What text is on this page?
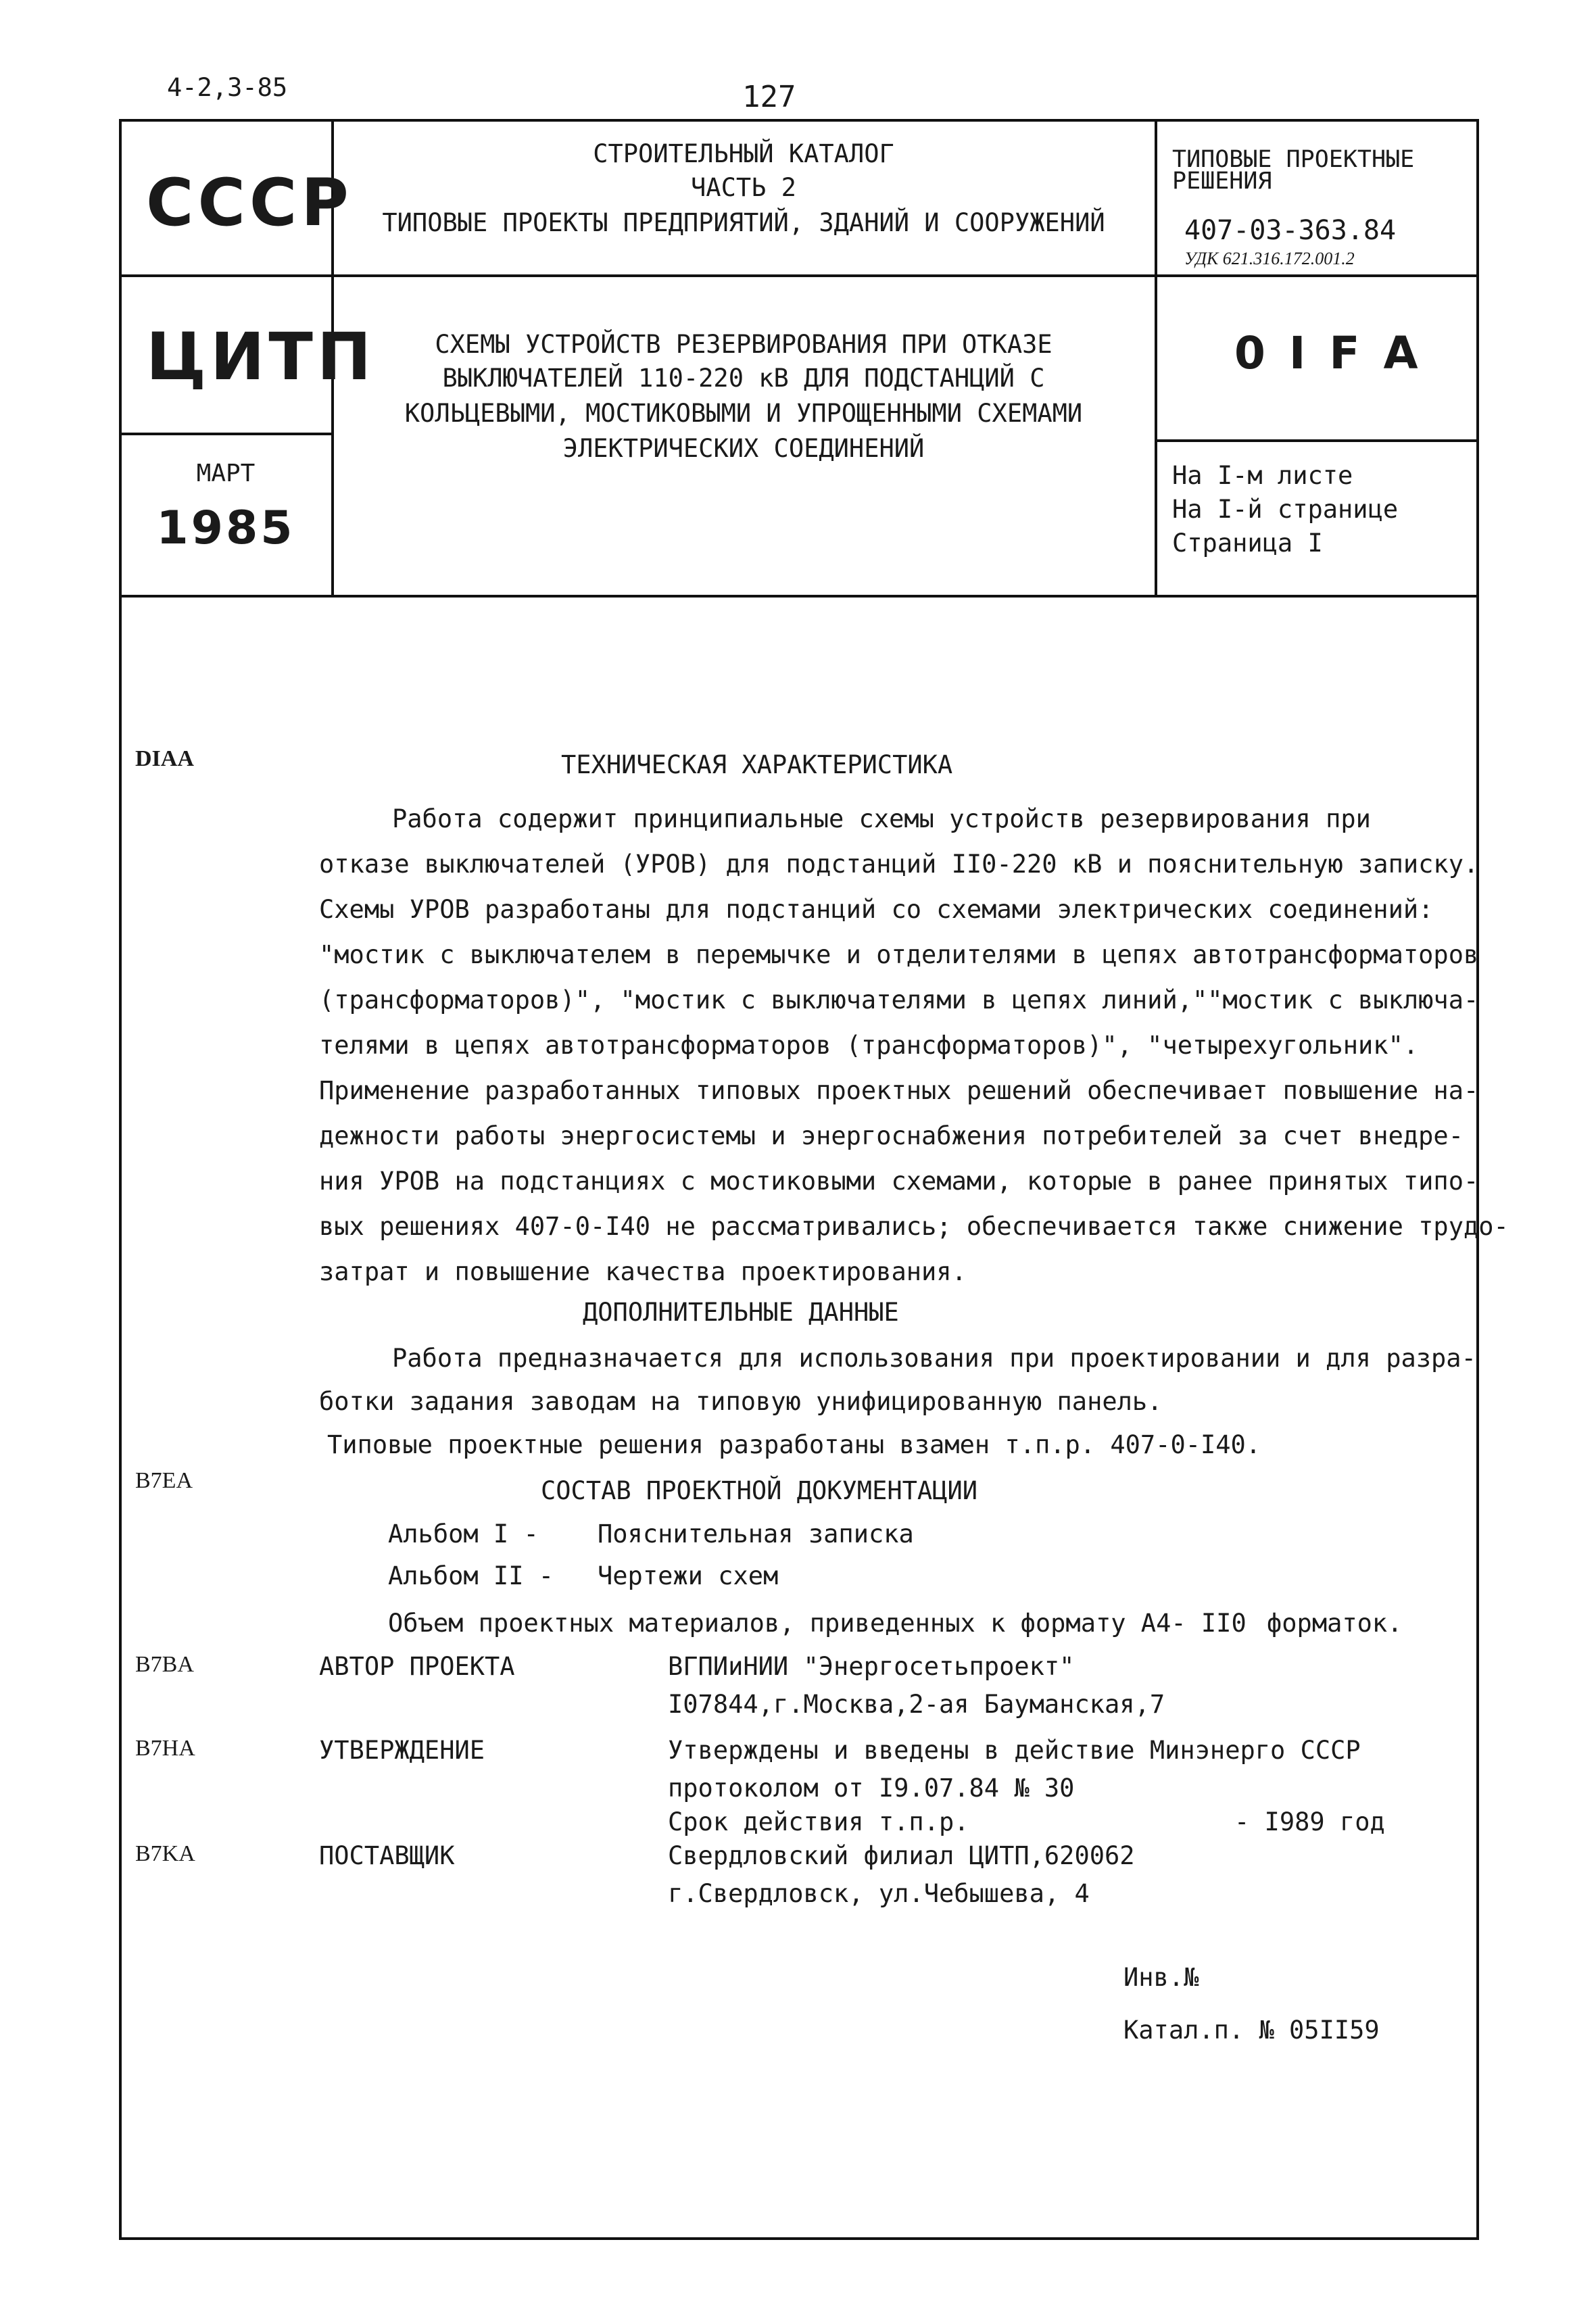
4-2,3-85	127
СССР
ЦИТП
МАРТ
1985
СТРОИТЕЛЬНЫЙ КАТАЛОГ
ЧАСТЬ 2
ТИПОВЫЕ ПРОЕКТЫ ПРЕДПРИЯТИЙ, ЗДАНИЙ И СООРУЖЕНИЙ
СХЕМЫ УСТРОЙСТВ РЕЗЕРВИРОВАНИЯ ПРИ ОТКАЗЕ
ВЫКЛЮЧАТЕЛЕЙ 110-220 кВ ДЛЯ ПОДСТАНЦИЙ С
КОЛЬЦЕВЫМИ, МОСТИКОВЫМИ И УПРОЩЕННЫМИ СХЕМАМИ
ЭЛЕКТРИЧЕСКИХ СОЕДИНЕНИЙ
ТИПОВЫЕ ПРОЕКТНЫЕ
РЕШЕНИЯ
407-03-363.84
УДК 621.316.172.001.2
0 I F A
На I-м листе
На I-й странице
Страница I
DIAA
B7EA
B7BA
B7HA
B7KA
ТЕХНИЧЕСКАЯ ХАРАКТЕРИСТИКА
Работа содержит принципиальные схемы устройств резервирования при
отказе выключателей (УРОВ) для подстанций II0-220 кВ и пояснительную записку.
Схемы УРОВ разработаны для подстанций со схемами электрических соединений:
"мостик с выключателем в перемычке и отделителями в цепях автотрансформаторов
(трансформаторов)", "мостик с выключателями в цепях линий,""мостик с выключа-
телями в цепях автотрансформаторов (трансформаторов)", "четырехугольник".
Применение разработанных типовых проектных решений обеспечивает повышение на-
дежности работы энергосистемы и энергоснабжения потребителей за счет внедре-
ния УРОВ на подстанциях с мостиковыми схемами, которые в ранее принятых типо-
вых решениях 407-0-I40 не рассматривались; обеспечивается также снижение трудо-
затрат и повышение качества проектирования.
ДОПОЛНИТЕЛЬНЫЕ ДАННЫЕ
Работа предназначается для использования при проектировании и для разра-
ботки задания заводам на типовую унифицированную панель.
Типовые проектные решения разработаны взамен т.п.р. 407-0-I40.
СОСТАВ ПРОЕКТНОЙ ДОКУМЕНТАЦИИ
Альбом I - Пояснительная записка
Альбом II - Чертежи схем
Объем проектных материалов, приведенных к формату А4- II0 форматок.
АВТОР ПРОЕКТА	ВГПИиНИИ "Энергосетьпроект"
I07844,г.Москва,2-ая Бауманская,7
УТВЕРЖДЕНИЕ	Утверждены и введены в действие Минэнерго СССР
протоколом от I9.07.84 № 30
Срок действия т.п.р.	- I989 год
ПОСТАВЩИК	Свердловский филиал ЦИТП,620062
г.Свердловск, ул.Чебышева, 4
Инв.№
Катал.п. № 05II59
